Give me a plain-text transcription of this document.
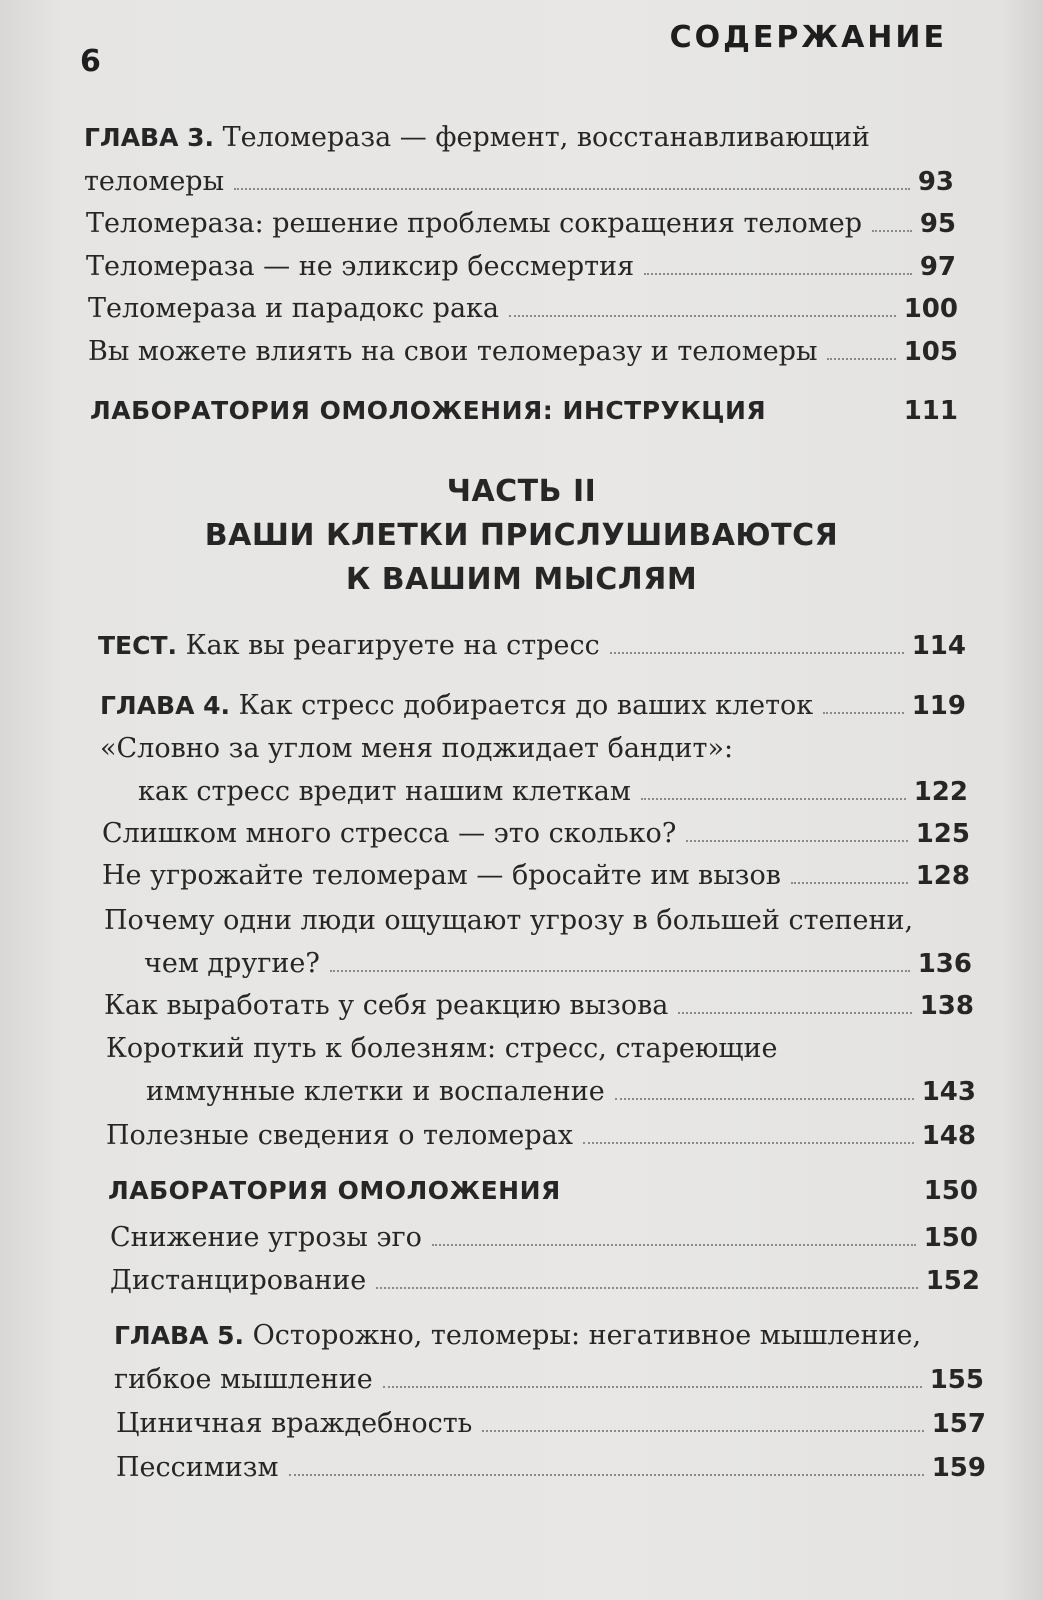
6
СОДЕРЖАНИЕ
ГЛАВА 3. Теломераза — фермент, восстанавливающий
теломеры	93
Теломераза: решение проблемы сокращения теломер 95
Теломераза — не эликсир бессмертия	97
Теломераза и парадокс рака	100
Вы можете влиять на свои теломеразу и теломеры	105
ЛАБОРАТОРИЯ ОМОЛОЖЕНИЯ: ИНСТРУКЦИЯ	111
ЧАСТЬ II
ВАШИ КЛЕТКИ ПРИСЛУШИВАЮТСЯ
К ВАШИМ МЫСЛЯМ
ТЕСТ. Как вы реагируете на стресс	114
ГЛАВА 4. Как стресс добирается до ваших клеток	119
«Словно за углом меня поджидает бандит»:
как стресс вредит нашим клеткам	122
Слишком много стресса — это сколько?	125
Не угрожайте теломерам — бросайте им вызов	128
Почему одни люди ощущают угрозу в большей степени,
чем другие?	136
Как выработать у себя реакцию вызова	138
Короткий путь к болезням: стресс, стареющие
иммунные клетки и воспаление	143
Полезные сведения о теломерах	148
ЛАБОРАТОРИЯ ОМОЛОЖЕНИЯ	150
Снижение угрозы эго	150
Дистанцирование	152
ГЛАВА 5. Осторожно, теломеры: негативное мышление,
гибкое мышление	155
Циничная враждебность	157
Пессимизм	159
